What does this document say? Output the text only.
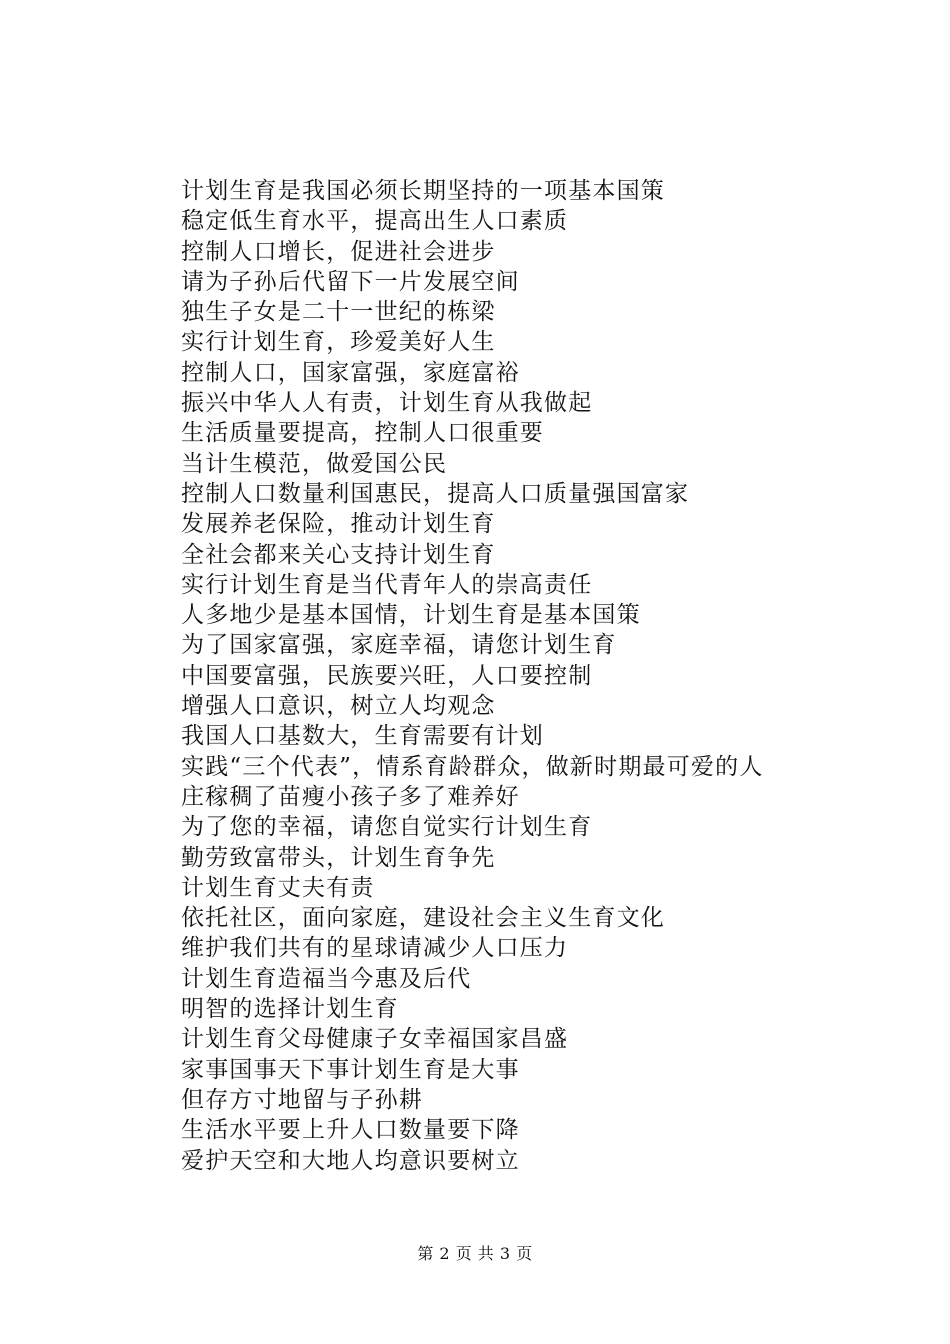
计划生育是我国必须长期坚持的一项基本国策
稳定低生育水平，提高出生人口素质
控制人口增长，促进社会进步
请为子孙后代留下一片发展空间
独生子女是二十一世纪的栋梁
实行计划生育，珍爱美好人生
控制人口，国家富强，家庭富裕
振兴中华人人有责，计划生育从我做起
生活质量要提高，控制人口很重要
当计生模范，做爱国公民
控制人口数量利国惠民，提高人口质量强国富家
发展养老保险，推动计划生育
全社会都来关心支持计划生育
实行计划生育是当代青年人的崇高责任
人多地少是基本国情，计划生育是基本国策
为了国家富强，家庭幸福，请您计划生育
中国要富强，民族要兴旺，人口要控制
增强人口意识，树立人均观念
我国人口基数大，生育需要有计划
实践“三个代表”，情系育龄群众，做新时期最可爱的人
庄稼稠了苗瘦小孩子多了难养好
为了您的幸福，请您自觉实行计划生育
勤劳致富带头，计划生育争先
计划生育丈夫有责
依托社区，面向家庭，建设社会主义生育文化
维护我们共有的星球请减少人口压力
计划生育造福当今惠及后代
明智的选择计划生育
计划生育父母健康子女幸福国家昌盛
家事国事天下事计划生育是大事
但存方寸地留与子孙耕
生活水平要上升人口数量要下降
爱护天空和大地人均意识要树立
第 2 页 共 3 页
